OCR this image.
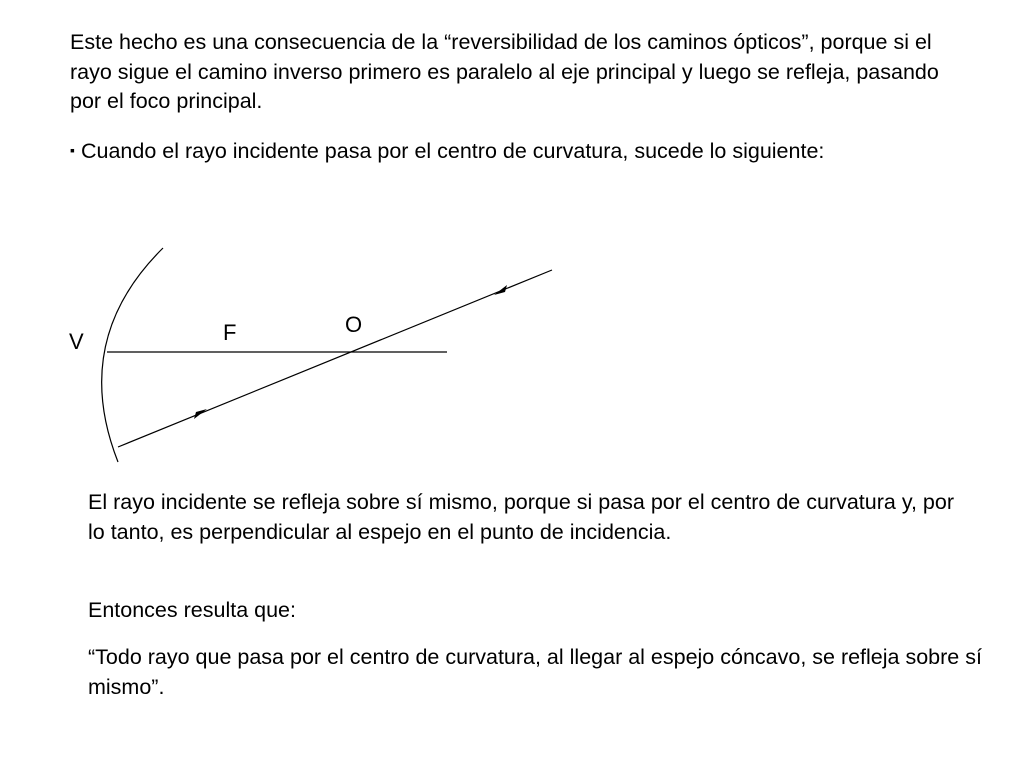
Este hecho es una consecuencia de la “reversibilidad de los caminos ópticos”, porque si el rayo sigue el camino inverso primero es paralelo al eje principal y luego se refleja, pasando por el foco principal.

▪ Cuando el rayo incidente pasa por el centro de curvatura, sucede lo siguiente:

V	F	O

El rayo incidente se refleja sobre sí mismo, porque si pasa por el centro de curvatura y, por lo tanto, es perpendicular al espejo en el punto de incidencia.

Entonces resulta que:

“Todo rayo que pasa por el centro de curvatura, al llegar al espejo cóncavo, se refleja sobre sí mismo”.
